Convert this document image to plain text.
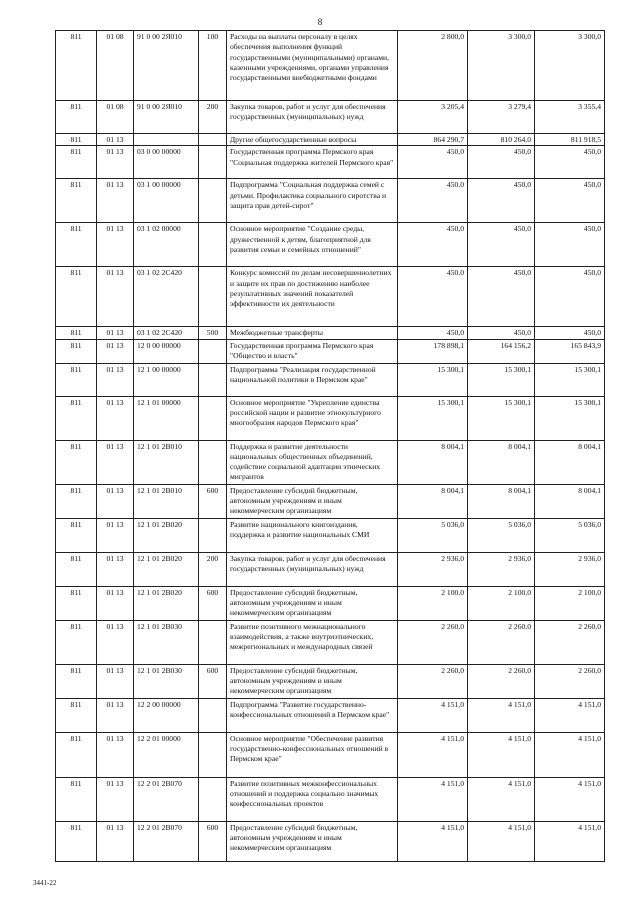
8
811	01 08	91 0 00 2Я010	100	Расходы на выплаты персоналу в целях обеспечения выполнения функций государственными (муниципальными) органами, казенными учреждениями, органами управления государственными внебюджетными фондами	2 800,0	3 300,0	3 300,0
811	01 08	91 0 00 2Я010	200	Закупка товаров, работ и услуг для обеспечения государственных (муниципальных) нужд	3 205,4	3 279,4	3 355,4
811	01 13			Другие общегосударственные вопросы	864 290,7	810 264,0	811 918,5
811	01 13	03 0 00 00000		Государственная программа Пермского края "Социальная поддержка жителей Пермского края"	450,0	450,0	450,0
811	01 13	03 1 00 00000		Подпрограмма "Социальная поддержка семей с детьми. Профилактика социального сиротства и защита прав детей-сирот"	450,0	450,0	450,0
811	01 13	03 1 02 00000		Основное мероприятие "Создание среды, дружественной к детям, благоприятной для развития семьи и семейных отношений"	450,0	450,0	450,0
811	01 13	03 1 02 2С420		Конкурс комиссий по делам несовершеннолетних и защите их прав по достижению наиболее результативных значений показателей эффективности их деятельности	450,0	450,0	450,0
811	01 13	03 1 02 2С420	500	Межбюджетные трансферты	450,0	450,0	450,0
811	01 13	12 0 00 00000		Государственная программа Пермского края "Общество и власть"	178 898,1	164 156,2	165 843,9
811	01 13	12 1 00 00000		Подпрограмма "Реализация государственной национальной политики в Пермском крае"	15 300,1	15 300,1	15 300,1
811	01 13	12 1 01 00000		Основное мероприятие "Укрепление единства российской нации и развитие этнокультурного многообразия народов Пермского края"	15 300,1	15 300,1	15 300,1
811	01 13	12 1 01 2В010		Поддержка и развитие деятельности национальных общественных объединений, содействие социальной адаптации этнических мигрантов	8 004,1	8 004,1	8 004,1
811	01 13	12 1 01 2В010	600	Предоставление субсидий бюджетным, автономным учреждениям и иным некоммерческим организациям	8 004,1	8 004,1	8 004,1
811	01 13	12 1 01 2В020		Развитие национального книгоиздания, поддержка и развитие национальных СМИ	5 036,0	5 036,0	5 036,0
811	01 13	12 1 01 2В020	200	Закупка товаров, работ и услуг для обеспечения государственных (муниципальных) нужд	2 936,0	2 936,0	2 936,0
811	01 13	12 1 01 2В020	600	Предоставление субсидий бюджетным, автономным учреждениям и иным некоммерческим организациям	2 100,0	2 100,0	2 100,0
811	01 13	12 1 01 2В030		Развитие позитивного межнационального взаимодействия, а также внутриэтнических, межрегиональных и международных связей	2 260,0	2 260,0	2 260,0
811	01 13	12 1 01 2В030	600	Предоставление субсидий бюджетным, автономным учреждениям и иным некоммерческим организациям	2 260,0	2 260,0	2 260,0
811	01 13	12 2 00 00000		Подпрограмма "Развитие государственно-конфессиональных отношений в Пермском крае"	4 151,0	4 151,0	4 151,0
811	01 13	12 2 01 00000		Основное мероприятие "Обеспечение развития государственно-конфессиональных отношений в Пермском крае"	4 151,0	4 151,0	4 151,0
811	01 13	12 2 01 2В070		Развитие позитивных межконфессиональных отношений и поддержка социально значимых конфессиональных проектов	4 151,0	4 151,0	4 151,0
811	01 13	12 2 01 2В070	600	Предоставление субсидий бюджетным, автономным учреждениям и иным некоммерческим организациям	4 151,0	4 151,0	4 151,0
3441-22
